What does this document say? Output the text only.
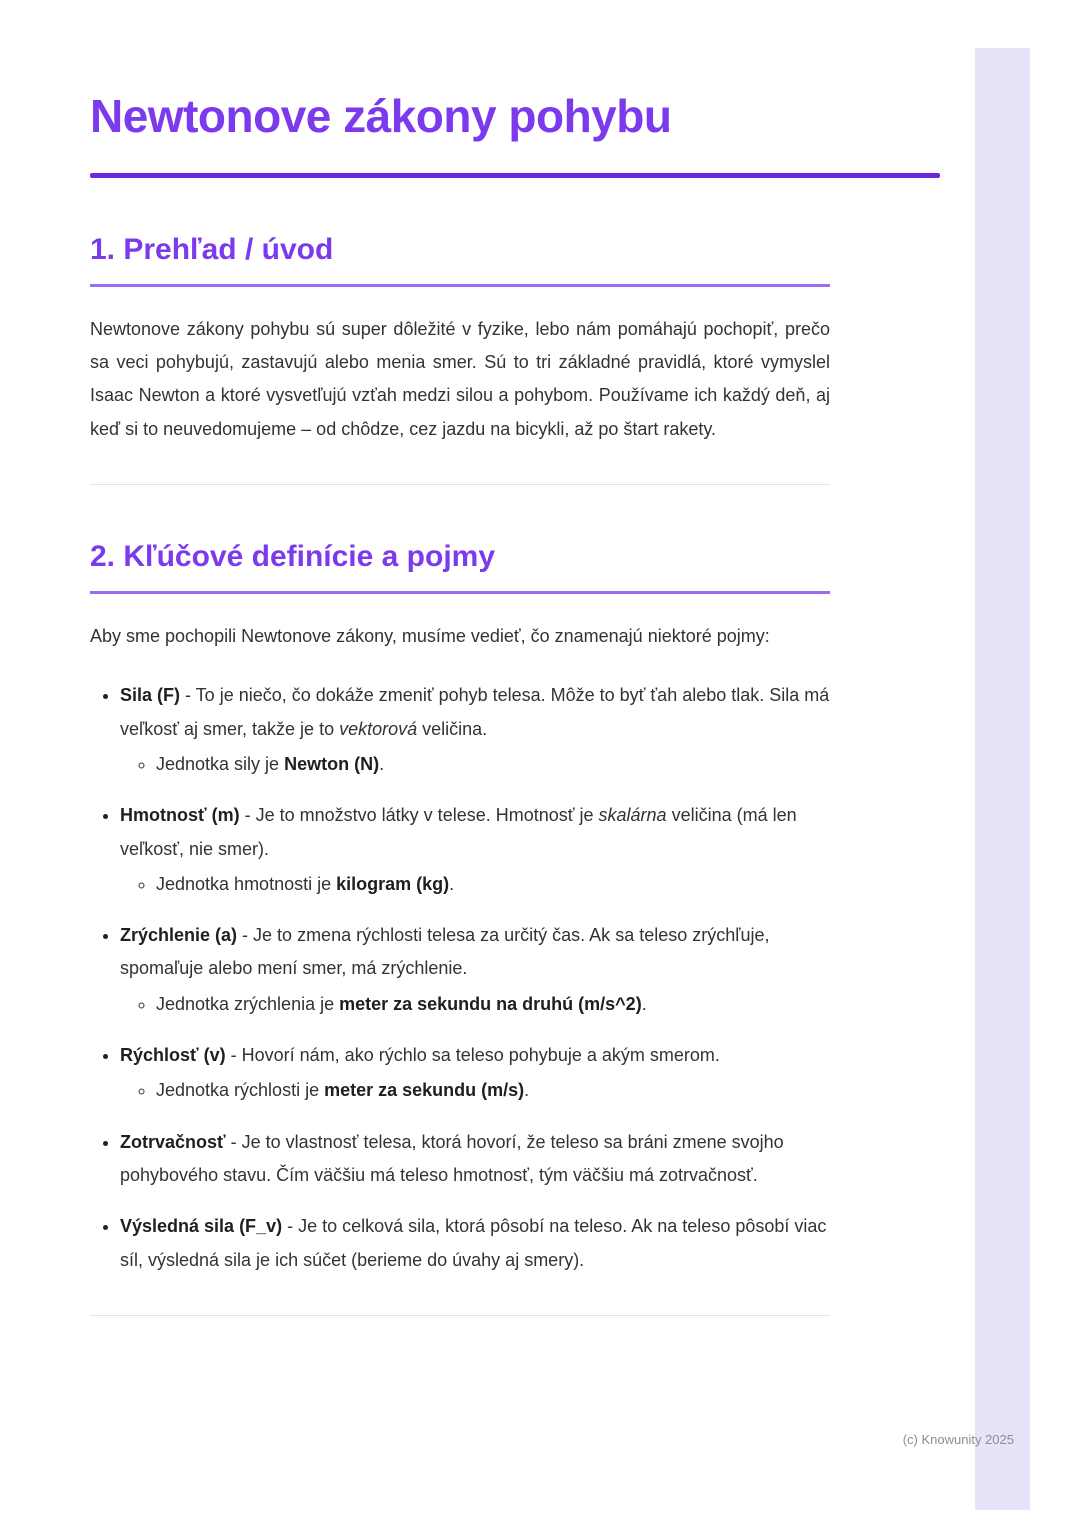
Newtonove zákony pohybu
1. Prehľad / úvod

Newtonove zákony pohybu sú super dôležité v fyzike, lebo nám pomáhajú pochopiť, prečo sa veci pohybujú, zastavujú alebo menia smer. Sú to tri základné pravidlá, ktoré vymyslel Isaac Newton a ktoré vysvetľujú vzťah medzi silou a pohybom. Používame ich každý deň, aj keď si to neuvedomujeme – od chôdze, cez jazdu na bicykli, až po štart rakety.

2. Kľúčové definície a pojmy

Aby sme pochopili Newtonove zákony, musíme vedieť, čo znamenajú niektoré pojmy:

• Sila (F) - To je niečo, čo dokáže zmeniť pohyb telesa. Môže to byť ťah alebo tlak. Sila má veľkosť aj smer, takže je to vektorová veličina.
◦ Jednotka sily je Newton (N).
• Hmotnosť (m) - Je to množstvo látky v telese. Hmotnosť je skalárna veličina (má len veľkosť, nie smer).
◦ Jednotka hmotnosti je kilogram (kg).
• Zrýchlenie (a) - Je to zmena rýchlosti telesa za určitý čas. Ak sa teleso zrýchľuje, spomaľuje alebo mení smer, má zrýchlenie.
◦ Jednotka zrýchlenia je meter za sekundu na druhú (m/s^2).
• Rýchlosť (v) - Hovorí nám, ako rýchlo sa teleso pohybuje a akým smerom.
◦ Jednotka rýchlosti je meter za sekundu (m/s).
• Zotrvačnosť - Je to vlastnosť telesa, ktorá hovorí, že teleso sa bráni zmene svojho pohybového stavu. Čím väčšiu má teleso hmotnosť, tým väčšiu má zotrvačnosť.
• Výsledná sila (F_v) - Je to celková sila, ktorá pôsobí na teleso. Ak na teleso pôsobí viac síl, výsledná sila je ich súčet (berieme do úvahy aj smery).
(c) Knowunity 2025
